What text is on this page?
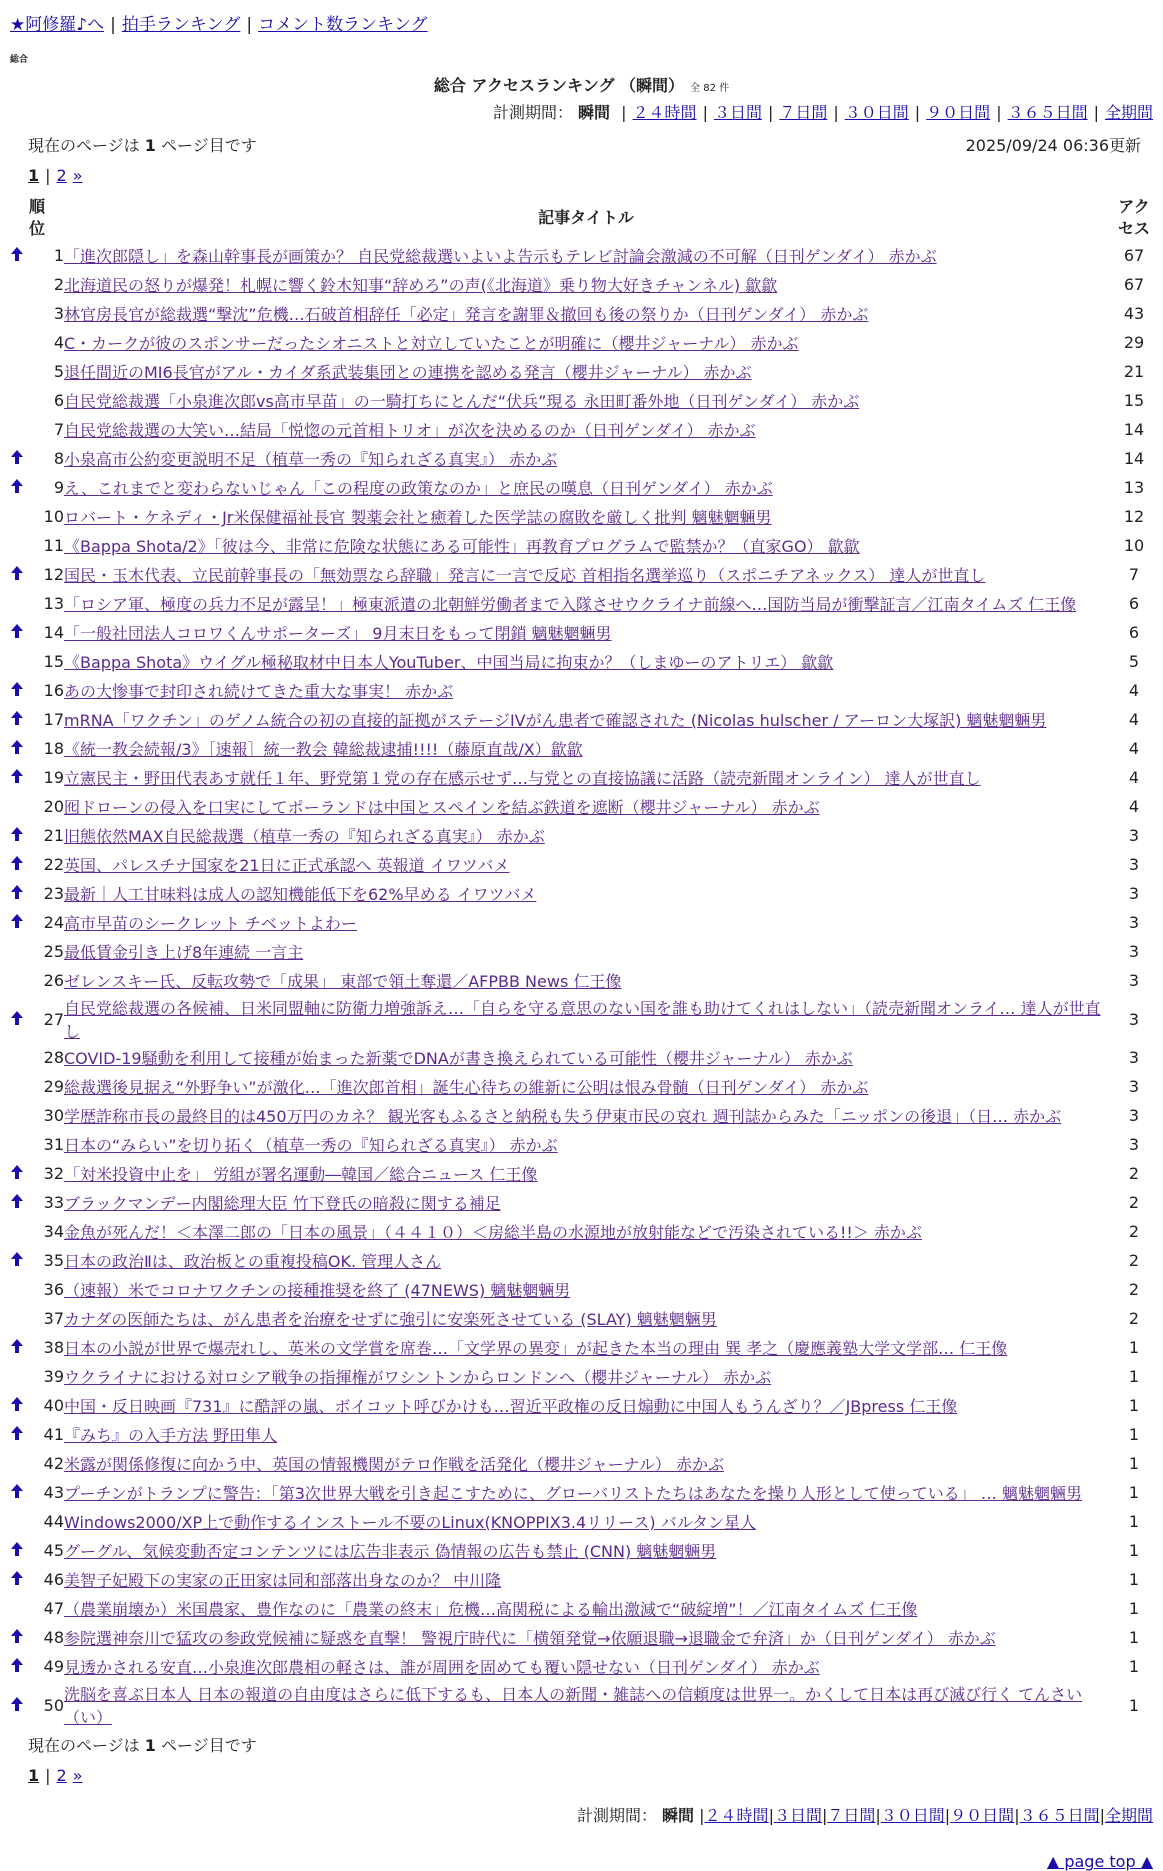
★阿修羅♪へ | 拍手ランキング | コメント数ランキング
総合
総合 アクセスランキング （瞬間） 全 82 件
計測期間： 瞬間 | ２４時間 | ３日間 | ７日間 | ３０日間 | ９０日間 | ３６５日間 | 全期間
現在のページは 1 ページ目です	2025/09/24 06:36更新
1 | 2 »
順位		記事タイトル	アクセス
	1	「進次郎隠し」を森山幹事長が画策か？ 自民党総裁選いよいよ告示もテレビ討論会激減の不可解（日刊ゲンダイ） 赤かぶ	67
	2	北海道民の怒りが爆発！札幌に響く鈴木知事“辞めろ”の声(《北海道》乗り物大好きチャンネル) 歙歙	67
	3	林官房長官が総裁選“撃沈”危機…石破首相辞任「必定」発言を謝罪＆撤回も後の祭りか（日刊ゲンダイ） 赤かぶ	43
	4	C・カークが彼のスポンサーだったシオニストと対立していたことが明確に（櫻井ジャーナル） 赤かぶ	29
	5	退任間近のMI6長官がアル・カイダ系武装集団との連携を認める発言（櫻井ジャーナル） 赤かぶ	21
	6	自民党総裁選「小泉進次郎vs高市早苗」の一騎打ちにとんだ“伏兵”現る 永田町番外地（日刊ゲンダイ） 赤かぶ	15
	7	自民党総裁選の大笑い…結局「悦惚の元首相トリオ」が次を決めるのか（日刊ゲンダイ） 赤かぶ	14
	8	小泉高市公約変更説明不足（植草一秀の『知られざる真実』） 赤かぶ	14
	9	え、これまでと変わらないじゃん「この程度の政策なのか」と庶民の嘆息（日刊ゲンダイ） 赤かぶ	13
	10	ロバート・ケネディ・Jr米保健福祉長官 製薬会社と癒着した医学誌の腐敗を厳しく批判 魑魅魍魎男	12
	11	《Bappa Shota/2》「彼は今、非常に危険な状態にある可能性」再教育プログラムで監禁か？（直家GO） 歙歙	10
	12	国民・玉木代表、立民前幹事長の「無効票なら辞職」発言に一言で反応 首相指名選挙巡り（スポニチアネックス） 達人が世直し	7
	13	「ロシア軍、極度の兵力不足が露呈！」極東派遣の北朝鮮労働者まで入隊させウクライナ前線へ…国防当局が衝撃証言／江南タイムズ 仁王像	6
	14	「一般社団法人コロワくんサポーターズ」 9月末日をもって閉鎖 魑魅魍魎男	6
	15	《Bappa Shota》ウイグル極秘取材中日本人YouTuber、中国当局に拘束か？（しまゆーのアトリエ） 歙歙	5
	16	あの大惨事で封印され続けてきた重大な事実！ 赤かぶ	4
	17	mRNA「ワクチン」のゲノム統合の初の直接的証拠がステージIVがん患者で確認された (Nicolas hulscher / アーロン大塚訳) 魑魅魍魎男	4
	18	《統一教会続報/3》［速報］統一教会 韓総裁逮捕!!!!（藤原直哉/X）歙歙	4
	19	立憲民主・野田代表あす就任１年、野党第１党の存在感示せず…与党との直接協議に活路（読売新聞オンライン） 達人が世直し	4
	20	囮ドローンの侵入を口実にしてポーランドは中国とスペインを結ぶ鉄道を遮断（櫻井ジャーナル） 赤かぶ	4
	21	旧態依然MAX自民総裁選（植草一秀の『知られざる真実』） 赤かぶ	3
	22	英国、パレスチナ国家を21日に正式承認へ 英報道 イワツバメ	3
	23	最新｜人工甘味料は成人の認知機能低下を62%早める イワツバメ	3
	24	高市早苗のシークレット チベットよわー	3
	25	最低賃金引き上げ8年連続 一言主	3
	26	ゼレンスキー氏、反転攻勢で「成果」 東部で領土奪還／AFPBB News 仁王像	3
	27	自民党総裁選の各候補、日米同盟軸に防衛力増強訴え…「自らを守る意思のない国を誰も助けてくれはしない」（読売新聞オンライ… 達人が世直し	3
	28	COVID-19騒動を利用して接種が始まった新薬でDNAが書き換えられている可能性（櫻井ジャーナル） 赤かぶ	3
	29	総裁選後見据え“外野争い”が激化…「進次郎首相」誕生心待ちの維新に公明は恨み骨髄（日刊ゲンダイ） 赤かぶ	3
	30	学歴詐称市長の最終目的は450万円のカネ？ 観光客もふるさと納税も失う伊東市民の哀れ 週刊誌からみた「ニッポンの後退」（日… 赤かぶ	3
	31	日本の“みらい”を切り拓く（植草一秀の『知られざる真実』） 赤かぶ	3
	32	「対米投資中止を」 労組が署名運動―韓国／総合ニュース 仁王像	2
	33	ブラックマンデー内閣総理大臣 竹下登氏の暗殺に関する補足	2
	34	金魚が死んだ！＜本澤二郎の「日本の風景」（４４１０）＜房総半島の水源地が放射能などで汚染されている!!＞ 赤かぶ	2
	35	日本の政治Ⅱは、政治板との重複投稿OK. 管理人さん	2
	36	（速報）米でコロナワクチンの接種推奨を終了 (47NEWS) 魑魅魍魎男	2
	37	カナダの医師たちは、がん患者を治療をせずに強引に安楽死させている (SLAY) 魑魅魍魎男	2
	38	日本の小説が世界で爆売れし、英米の文学賞を席巻…「文学界の異変」が起きた本当の理由 巽 孝之（慶應義塾大学文学部… 仁王像	1
	39	ウクライナにおける対ロシア戦争の指揮権がワシントンからロンドンへ（櫻井ジャーナル） 赤かぶ	1
	40	中国・反日映画『731』に酷評の嵐、ボイコット呼びかけも…習近平政権の反日煽動に中国人もうんざり？／JBpress 仁王像	1
	41	『みち』の入手方法 野田隼人	1
	42	米露が関係修復に向かう中、英国の情報機関がテロ作戦を活発化（櫻井ジャーナル） 赤かぶ	1
	43	プーチンがトランプに警告：「第3次世界大戦を引き起こすために、グローバリストたちはあなたを操り人形として使っている」 … 魑魅魍魎男	1
	44	Windows2000/XP上で動作するインストール不要のLinux(KNOPPIX3.4リリース) バルタン星人	1
	45	グーグル、気候変動否定コンテンツには広告非表示 偽情報の広告も禁止 (CNN) 魑魅魍魎男	1
	46	美智子妃殿下の実家の正田家は同和部落出身なのか？ 中川隆	1
	47	（農業崩壊か）米国農家、豊作なのに「農業の終末」危機…高関税による輸出激減で“破綻増”！／江南タイムズ 仁王像	1
	48	参院選神奈川で猛攻の参政党候補に疑惑を直撃！ 警視庁時代に「横領発覚→依願退職→退職金で弁済」か（日刊ゲンダイ） 赤かぶ	1
	49	見透かされる安直…小泉進次郎農相の軽さは、誰が周囲を固めても覆い隠せない（日刊ゲンダイ） 赤かぶ	1
	50	洗脳を喜ぶ日本人 日本の報道の自由度はさらに低下するも、日本人の新聞・雑誌への信頼度は世界一。かくして日本は再び滅び行く てんさい（い）	1
現在のページは 1 ページ目です
1 | 2 »
計測期間： 瞬間 |２４時間|３日間|７日間|３０日間|９０日間|３６５日間|全期間
▲ page top ▲
